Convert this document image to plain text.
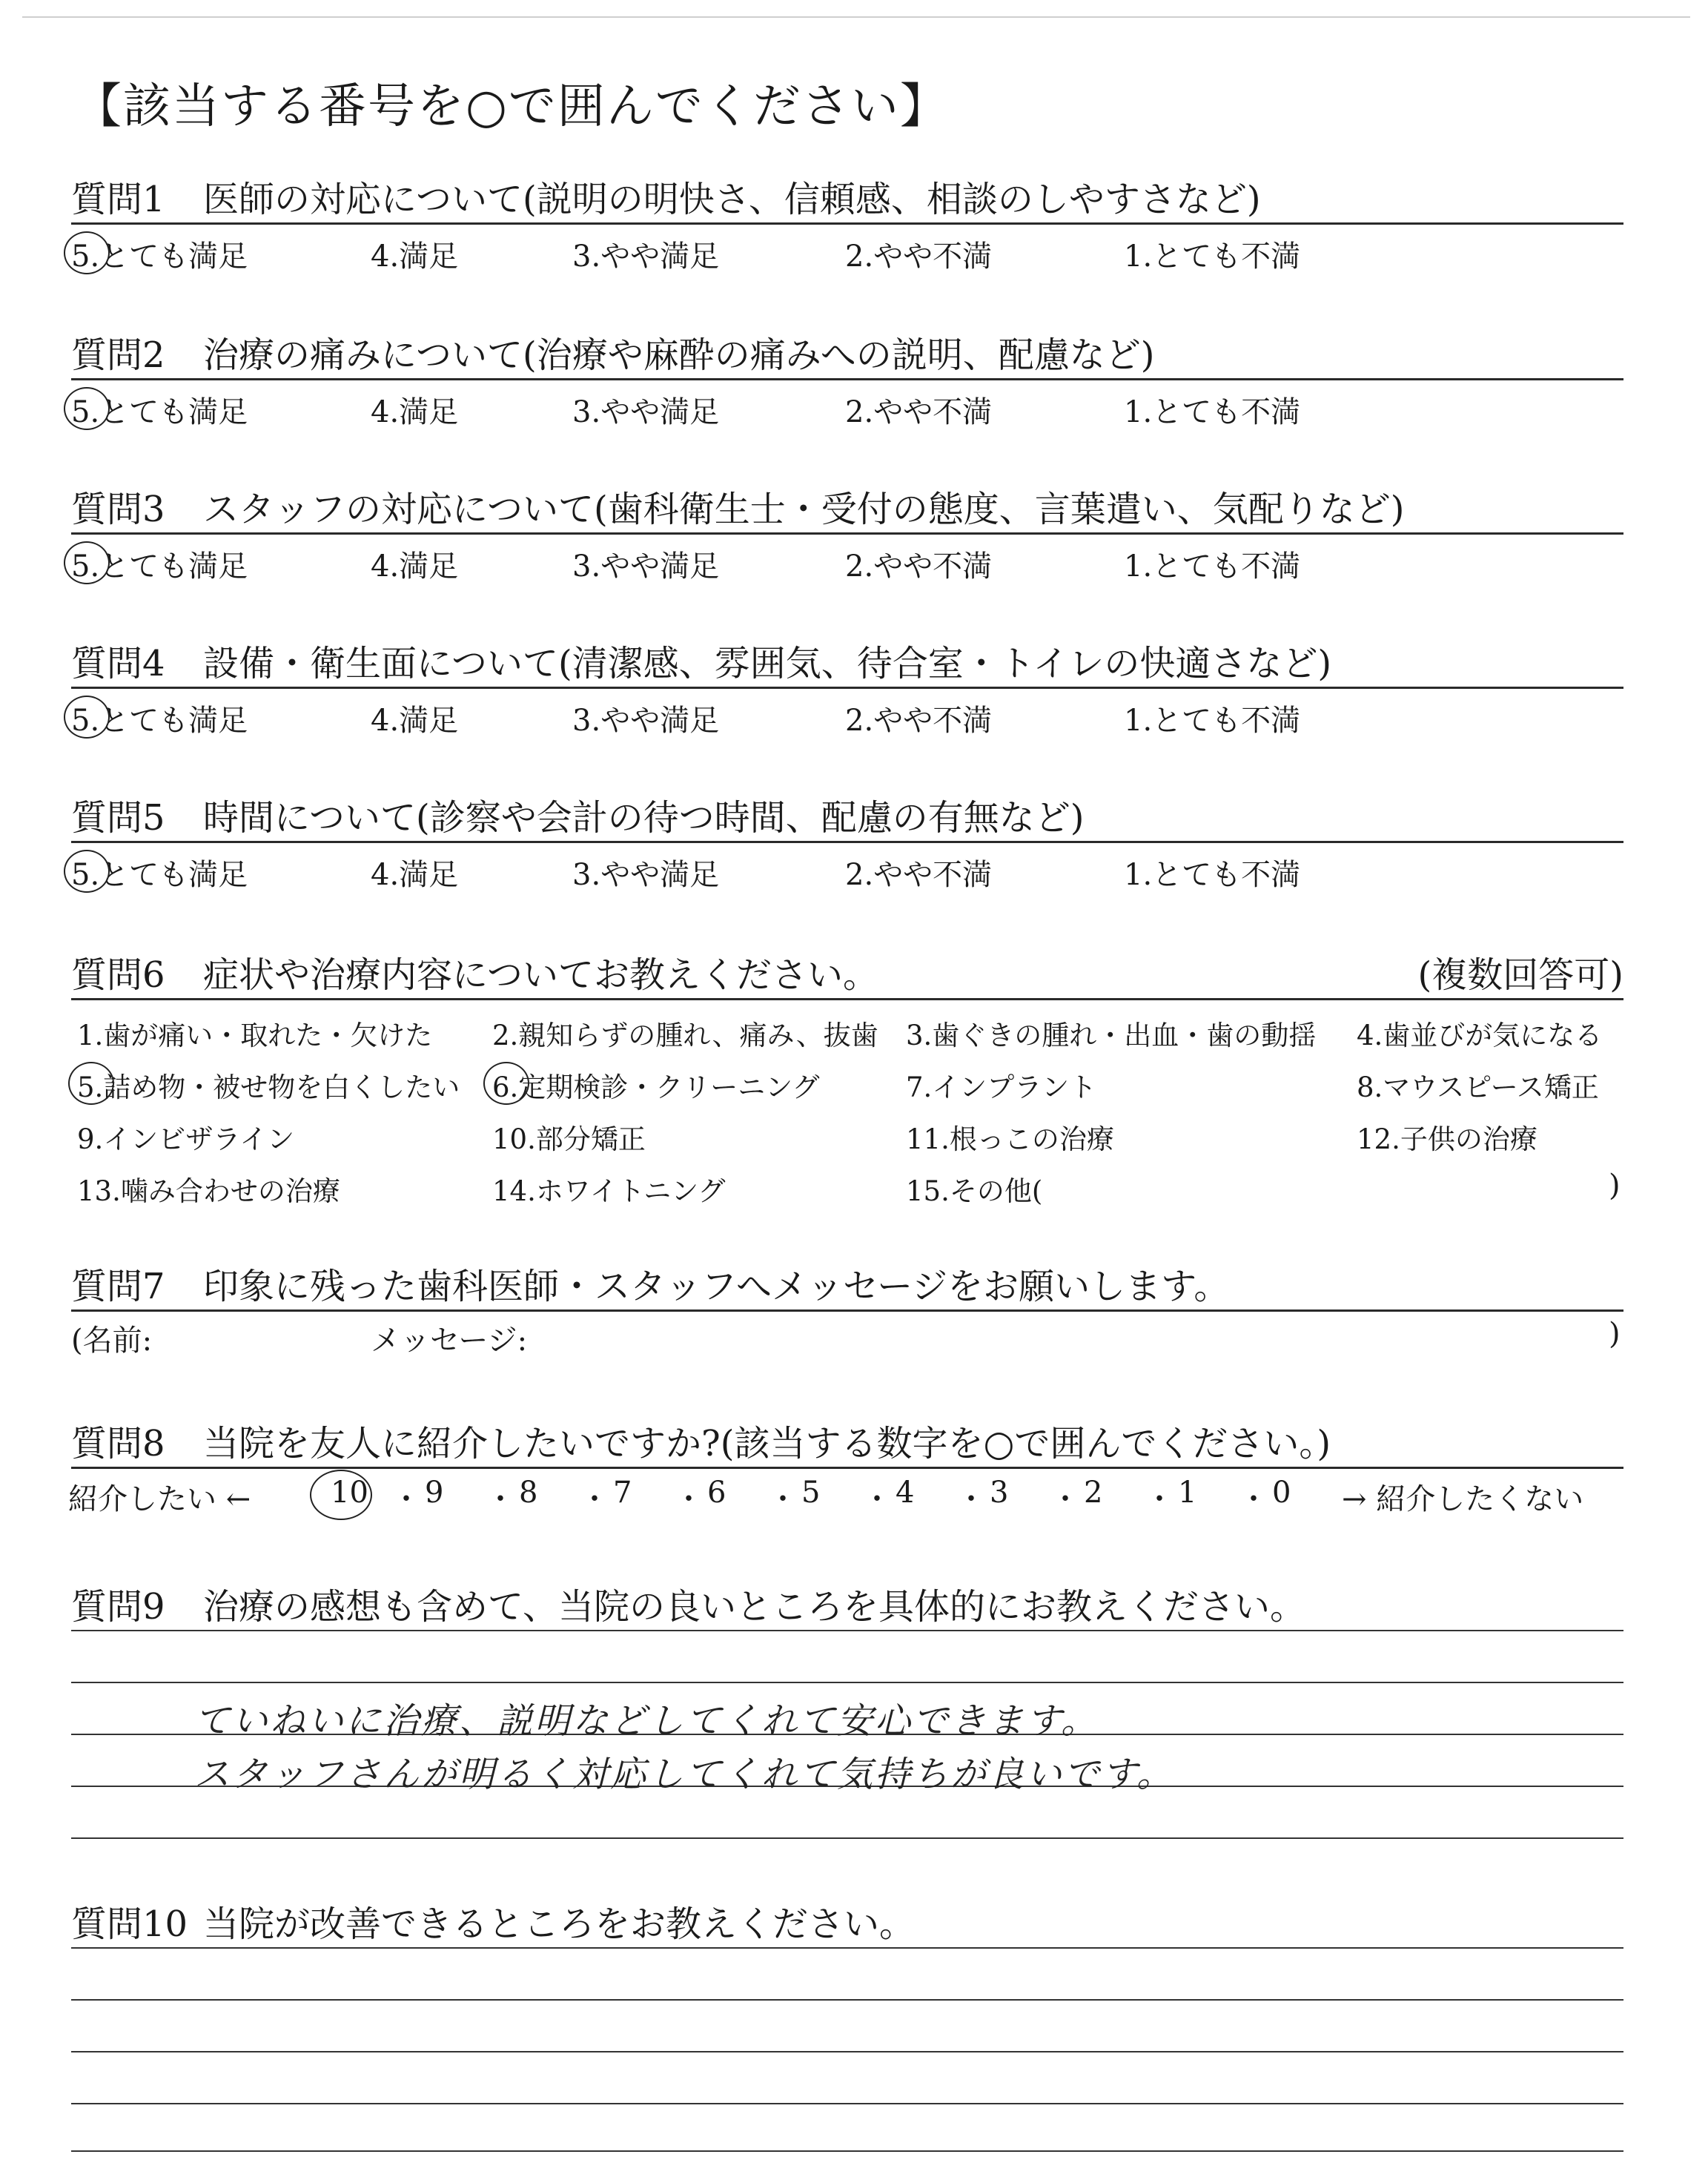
【該当する番号を○で囲んでください】
質問1 医師の対応について(説明の明快さ、信頼感、相談のしやすさなど)
5.とても満足	4.満足	3.やや満足	2.やや不満	1.とても不満
質問2 治療の痛みについて(治療や麻酔の痛みへの説明、配慮など)
5.とても満足	4.満足	3.やや満足	2.やや不満	1.とても不満
質問3 スタッフの対応について(歯科衛生士・受付の態度、言葉遣い、気配りなど)
5.とても満足	4.満足	3.やや満足	2.やや不満	1.とても不満
質問4 設備・衛生面について(清潔感、雰囲気、待合室・トイレの快適さなど)
5.とても満足	4.満足	3.やや満足	2.やや不満	1.とても不満
質問5 時間について(診察や会計の待つ時間、配慮の有無など)
5.とても満足	4.満足	3.やや満足	2.やや不満	1.とても不満
質問6 症状や治療内容についてお教えください。	(複数回答可)
1.歯が痛い・取れた・欠けた 2.親知らずの腫れ、痛み、抜歯 3.歯ぐきの腫れ・出血・歯の動揺 4.歯並びが気になる
5.詰め物・被せ物を白くしたい 6.定期検診・クリーニング	7.インプラント	8.マウスピース矯正
9.インビザライン	10.部分矯正	11.根っこの治療	12.子供の治療
13.噛み合わせの治療	14.ホワイトニング	15.その他(	)
質問7 印象に残った歯科医師・スタッフへメッセージをお願いします。
(名前:	メッセージ:	)
質問8 当院を友人に紹介したいですか?(該当する数字を○で囲んでください。)
紹介したい ←	→ 紹介したくない
10 ・ 9 ・ 8 ・ 7 ・ 6 ・ 5 ・ 4 ・ 3 ・ 2 ・ 1 ・ 0
質問9 治療の感想も含めて、当院の良いところを具体的にお教えください。
ていねいに治療、説明などしてくれて安心できます。
スタッフさんが明るく対応してくれて気持ちが良いです。
質問10 当院が改善できるところをお教えください。
